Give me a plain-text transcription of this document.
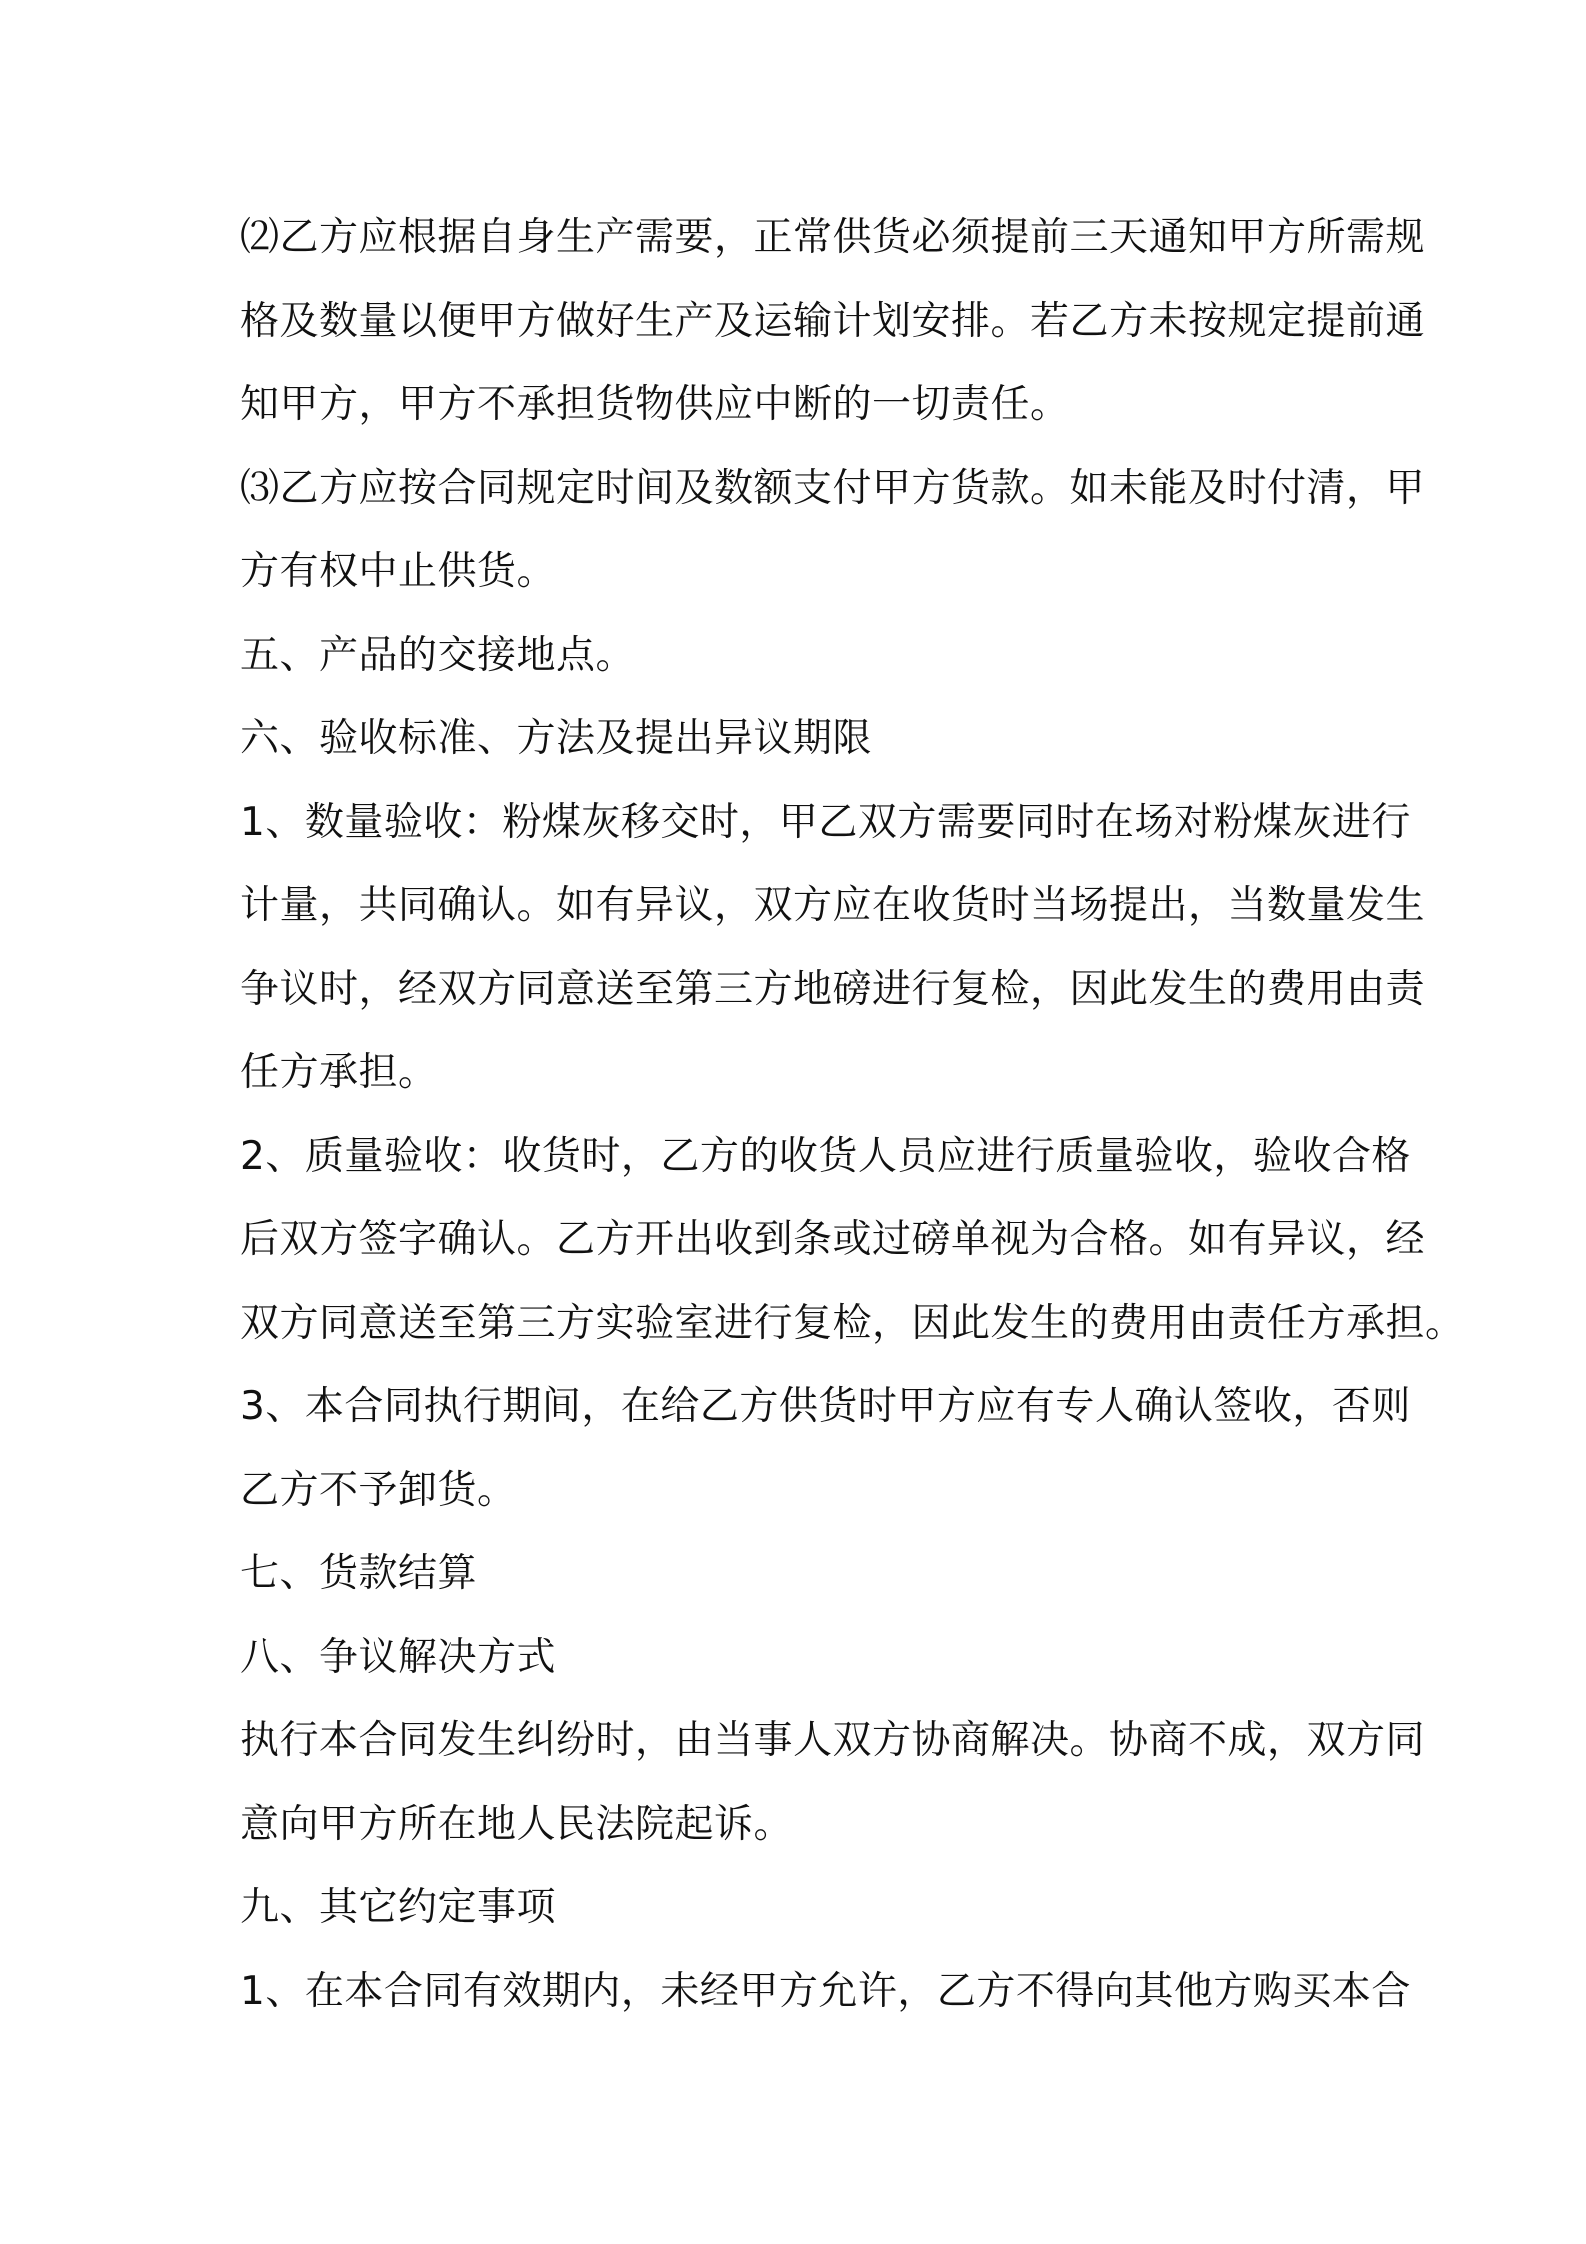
⑵乙方应根据自身生产需要，正常供货必须提前三天通知甲方所需规

格及数量以便甲方做好生产及运输计划安排。若乙方未按规定提前通

知甲方，甲方不承担货物供应中断的一切责任。

⑶乙方应按合同规定时间及数额支付甲方货款。如未能及时付清，甲

方有权中止供货。

五、产品的交接地点。

六、验收标准、方法及提出异议期限

1、数量验收：粉煤灰移交时，甲乙双方需要同时在场对粉煤灰进行

计量，共同确认。如有异议，双方应在收货时当场提出，当数量发生

争议时，经双方同意送至第三方地磅进行复检，因此发生的费用由责

任方承担。

2、质量验收：收货时，乙方的收货人员应进行质量验收，验收合格

后双方签字确认。乙方开出收到条或过磅单视为合格。如有异议，经

双方同意送至第三方实验室进行复检，因此发生的费用由责任方承担。

3、本合同执行期间，在给乙方供货时甲方应有专人确认签收，否则

乙方不予卸货。

七、货款结算

八、争议解决方式

执行本合同发生纠纷时，由当事人双方协商解决。协商不成，双方同

意向甲方所在地人民法院起诉。

九、其它约定事项

1、在本合同有效期内，未经甲方允许，乙方不得向其他方购买本合
